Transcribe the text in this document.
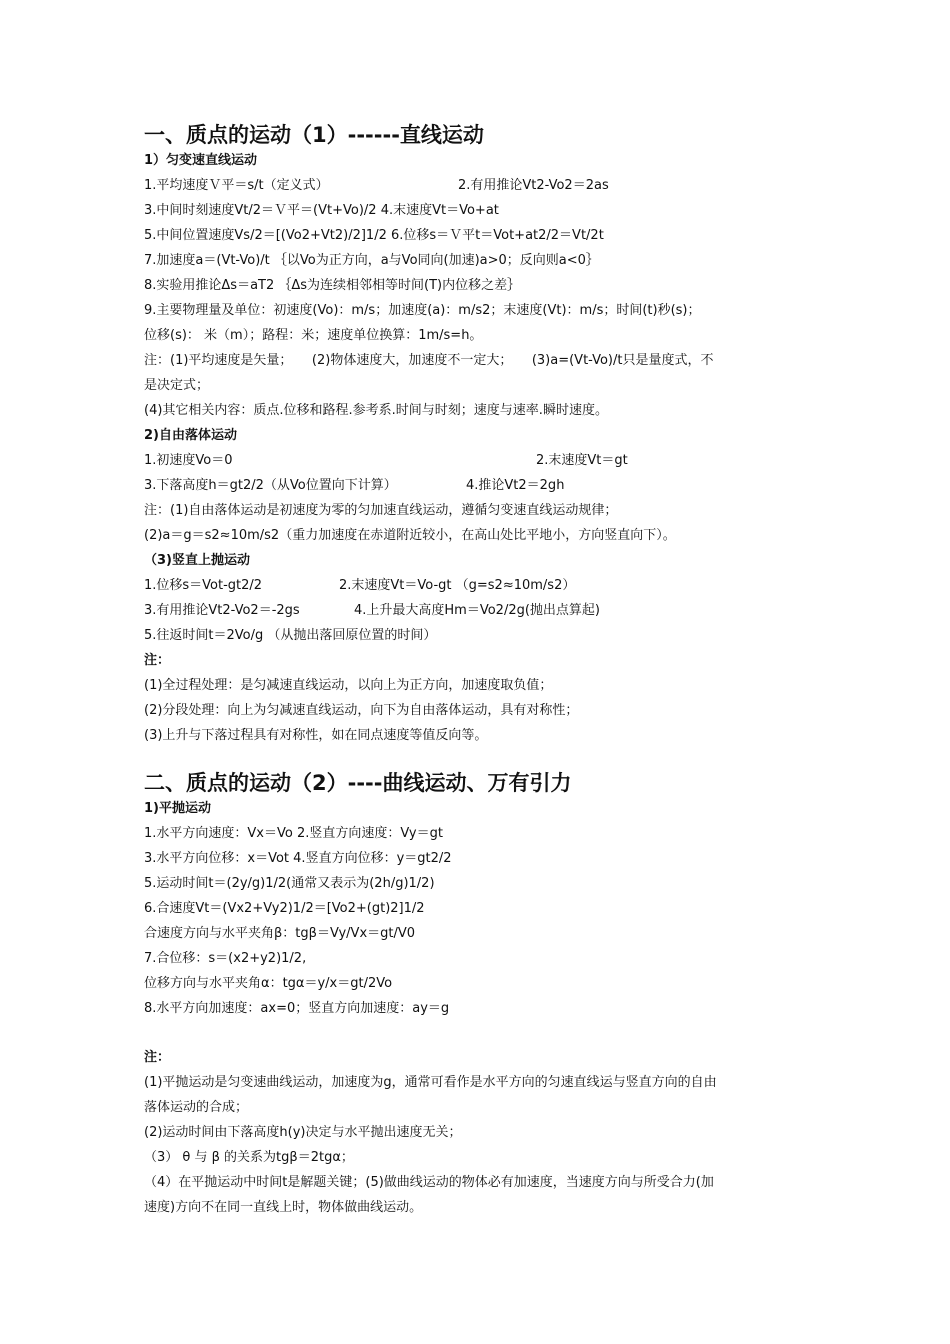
一、质点的运动（1）------直线运动
1）匀变速直线运动
1.平均速度Ｖ平＝s/t（定义式）	2.有用推论Vt2-Vo2＝2as
3.中间时刻速度Vt/2＝Ｖ平＝(Vt+Vo)/2 4.末速度Vt＝Vo+at
5.中间位置速度Vs/2＝[(Vo2+Vt2)/2]1/2 6.位移s＝Ｖ平t＝Vot+at2/2＝Vt/2t
7.加速度a＝(Vt-Vo)/t ｛以Vo为正方向，a与Vo同向(加速)a>0；反向则a<0｝
8.实验用推论Δs＝aT2 ｛Δs为连续相邻相等时间(T)内位移之差｝
9.主要物理量及单位：初速度(Vo)：m/s；加速度(a)：m/s2；末速度(Vt)：m/s；时间(t)秒(s)；
位移(s)： 米（m）；路程：米；速度单位换算：1m/s=h。
注：(1)平均速度是矢量；　　(2)物体速度大，加速度不一定大；　　(3)a=(Vt-Vo)/t只是量度式，不
是决定式；
(4)其它相关内容：质点.位移和路程.参考系.时间与时刻；速度与速率.瞬时速度。
2)自由落体运动
1.初速度Vo＝0	2.末速度Vt＝gt
3.下落高度h＝gt2/2（从Vo位置向下计算）	4.推论Vt2＝2gh
注：(1)自由落体运动是初速度为零的匀加速直线运动，遵循匀变速直线运动规律；
(2)a＝g＝s2≈10m/s2（重力加速度在赤道附近较小，在高山处比平地小，方向竖直向下）。
（3)竖直上抛运动
1.位移s＝Vot-gt2/2	2.末速度Vt＝Vo-gt （g=s2≈10m/s2）
3.有用推论Vt2-Vo2＝-2gs	4.上升最大高度Hm＝Vo2/2g(抛出点算起)
5.往返时间t＝2Vo/g （从抛出落回原位置的时间）
注：
(1)全过程处理：是匀减速直线运动，以向上为正方向，加速度取负值；
(2)分段处理：向上为匀减速直线运动，向下为自由落体运动，具有对称性；
(3)上升与下落过程具有对称性，如在同点速度等值反向等。
二、质点的运动（2）----曲线运动、万有引力
1)平抛运动
1.水平方向速度：Vx＝Vo 2.竖直方向速度：Vy＝gt
3.水平方向位移：x＝Vot 4.竖直方向位移：y＝gt2/2
5.运动时间t＝(2y/g)1/2(通常又表示为(2h/g)1/2)
6.合速度Vt＝(Vx2+Vy2)1/2＝[Vo2+(gt)2]1/2
合速度方向与水平夹角β：tgβ＝Vy/Vx＝gt/V0
7.合位移：s＝(x2+y2)1/2,
位移方向与水平夹角α：tgα＝y/x＝gt/2Vo
8.水平方向加速度：ax=0；竖直方向加速度：ay＝g
注：
(1)平抛运动是匀变速曲线运动，加速度为g，通常可看作是水平方向的匀速直线运与竖直方向的自由
落体运动的合成；
(2)运动时间由下落高度h(y)决定与水平抛出速度无关；
（3） θ 与 β 的关系为tgβ＝2tgα；
（4）在平抛运动中时间t是解题关键；(5)做曲线运动的物体必有加速度，当速度方向与所受合力(加
速度)方向不在同一直线上时，物体做曲线运动。
